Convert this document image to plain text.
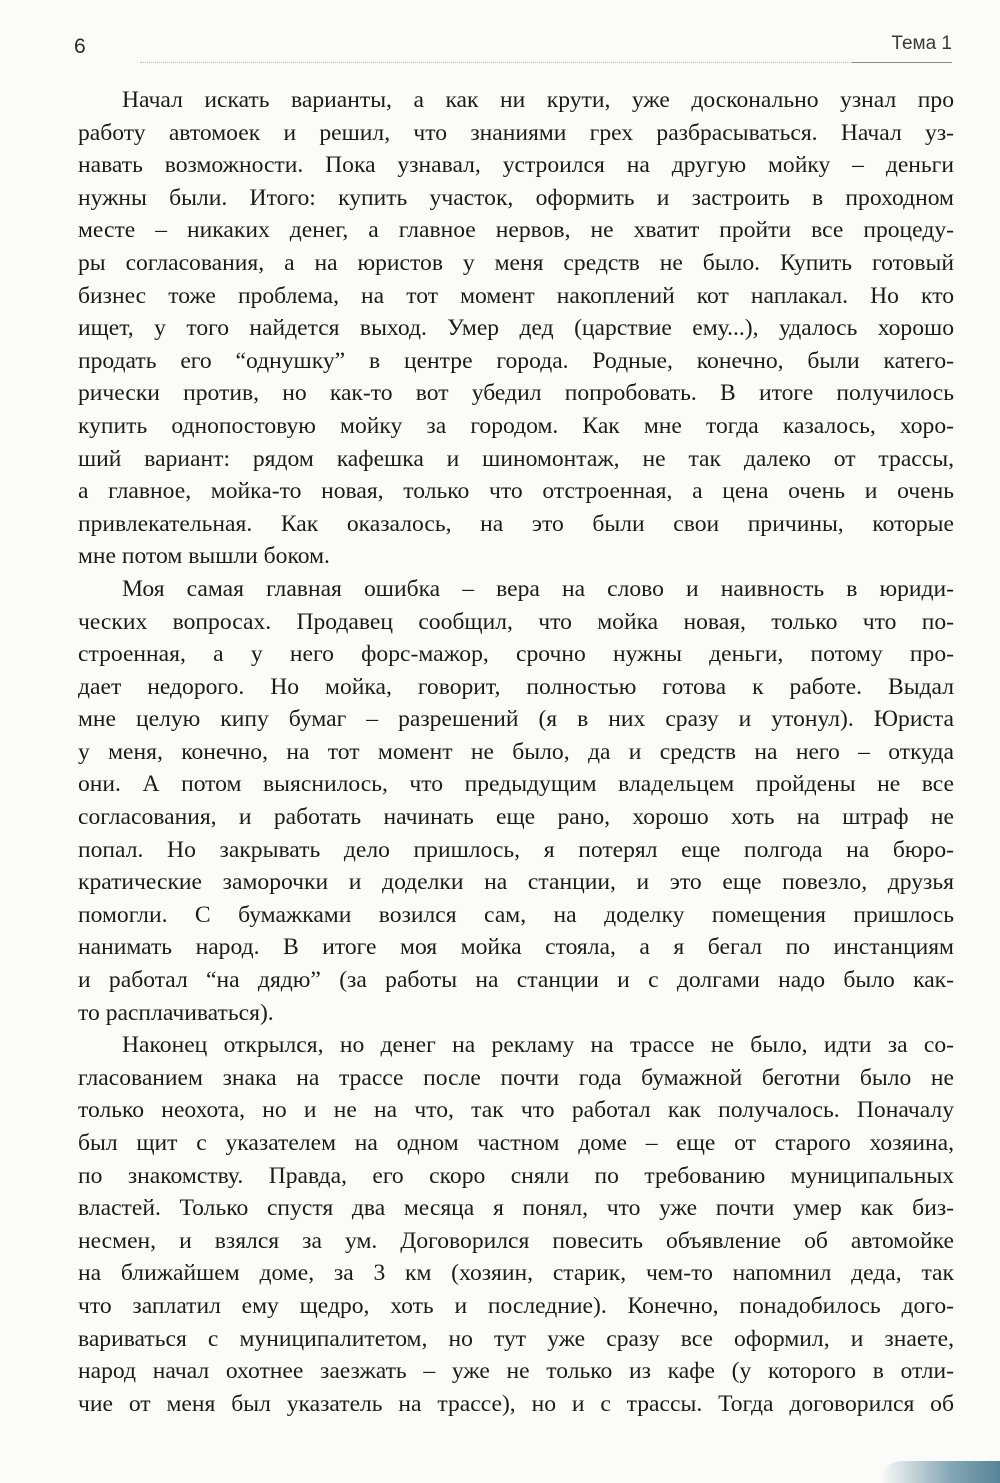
6	Тема 1
Начал искать варианты, а как ни крути, уже досконально узнал про
работу автомоек и решил, что знаниями грех разбрасываться. Начал уз-
навать возможности. Пока узнавал, устроился на другую мойку – деньги
нужны были. Итого: купить участок, оформить и застроить в проходном
месте – никаких денег, а главное нервов, не хватит пройти все процеду-
ры согласования, а на юристов у меня средств не было. Купить готовый
бизнес тоже проблема, на тот момент накоплений кот наплакал. Но кто
ищет, у того найдется выход. Умер дед (царствие ему...), удалось хорошо
продать его “однушку” в центре города. Родные, конечно, были катего-
рически против, но как-то вот убедил попробовать. В итоге получилось
купить однопостовую мойку за городом. Как мне тогда казалось, хоро-
ший вариант: рядом кафешка и шиномонтаж, не так далеко от трассы,
а главное, мойка-то новая, только что отстроенная, а цена очень и очень
привлекательная. Как оказалось, на это были свои причины, которые
мне потом вышли боком.
Моя самая главная ошибка – вера на слово и наивность в юриди-
ческих вопросах. Продавец сообщил, что мойка новая, только что по-
строенная, а у него форс-мажор, срочно нужны деньги, потому про-
дает недорого. Но мойка, говорит, полностью готова к работе. Выдал
мне целую кипу бумаг – разрешений (я в них сразу и утонул). Юриста
у меня, конечно, на тот момент не было, да и средств на него – откуда
они. А потом выяснилось, что предыдущим владельцем пройдены не все
согласования, и работать начинать еще рано, хорошо хоть на штраф не
попал. Но закрывать дело пришлось, я потерял еще полгода на бюро-
кратические заморочки и доделки на станции, и это еще повезло, друзья
помогли. С бумажками возился сам, на доделку помещения пришлось
нанимать народ. В итоге моя мойка стояла, а я бегал по инстанциям
и работал “на дядю” (за работы на станции и с долгами надо было как-
то расплачиваться).
Наконец открылся, но денег на рекламу на трассе не было, идти за со-
гласованием знака на трассе после почти года бумажной беготни было не
только неохота, но и не на что, так что работал как получалось. Поначалу
был щит с указателем на одном частном доме – еще от старого хозяина,
по знакомству. Правда, его скоро сняли по требованию муниципальных
властей. Только спустя два месяца я понял, что уже почти умер как биз-
несмен, и взялся за ум. Договорился повесить объявление об автомойке
на ближайшем доме, за 3 км (хозяин, старик, чем-то напомнил деда, так
что заплатил ему щедро, хоть и последние). Конечно, понадобилось дого-
вариваться с муниципалитетом, но тут уже сразу все оформил, и знаете,
народ начал охотнее заезжать – уже не только из кафе (у которого в отли-
чие от меня был указатель на трассе), но и с трассы. Тогда договорился об
